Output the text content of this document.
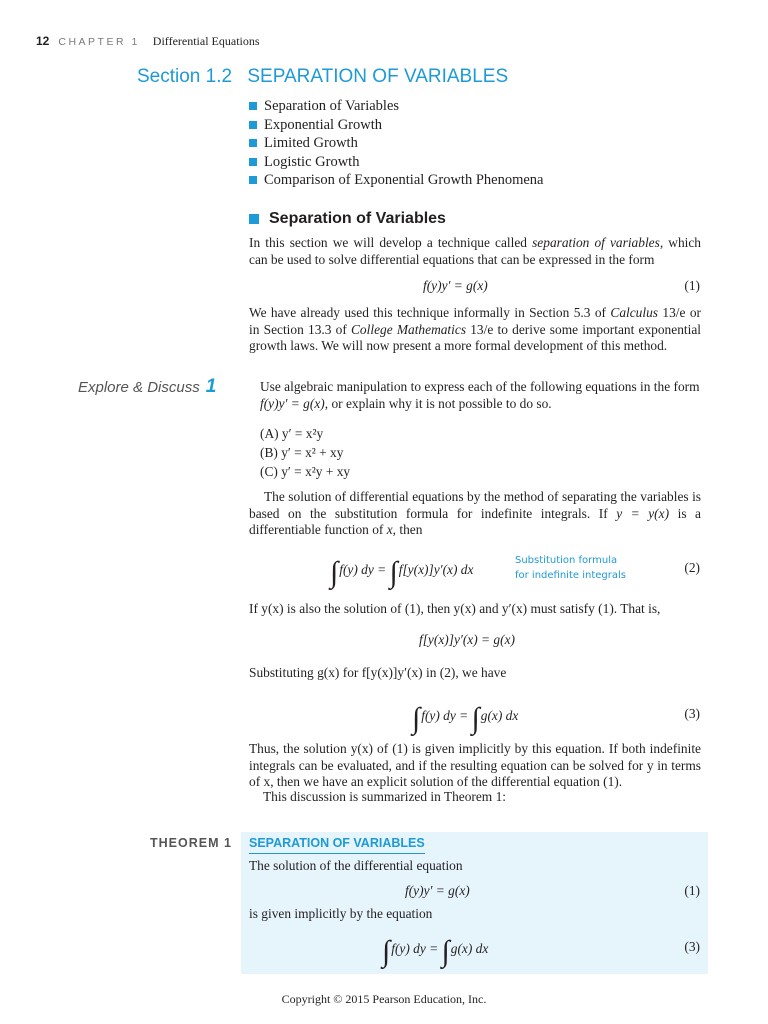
12 CHAPTER 1 Differential Equations
Section 1.2 SEPARATION OF VARIABLES
Separation of Variables
Exponential Growth
Limited Growth
Logistic Growth
Comparison of Exponential Growth Phenomena
Separation of Variables
In this section we will develop a technique called separation of variables, which can be used to solve differential equations that can be expressed in the form
f(y)y′ = g(x)	(1)
We have already used this technique informally in Section 5.3 of Calculus 13/e or in Section 13.3 of College Mathematics 13/e to derive some important exponential growth laws. We will now present a more formal development of this method.
Explore & Discuss 1	Use algebraic manipulation to express each of the following equations in the form f(y)y′ = g(x), or explain why it is not possible to do so.
(A) y′ = x²y
(B) y′ = x² + xy
(C) y′ = x²y + xy
The solution of differential equations by the method of separating the variables is based on the substitution formula for indefinite integrals. If y = y(x) is a differentiable function of x, then
∫f(y) dy = ∫f[y(x)]y′(x) dx
Substitution formula
for indefinite integrals	(2)
If y(x) is also the solution of (1), then y(x) and y′(x) must satisfy (1). That is,
f[y(x)]y′(x) = g(x)
Substituting g(x) for f[y(x)]y′(x) in (2), we have
∫f(y) dy = ∫g(x) dx	(3)
Thus, the solution y(x) of (1) is given implicitly by this equation. If both indefinite integrals can be evaluated, and if the resulting equation can be solved for y in terms of x, then we have an explicit solution of the differential equation (1).
This discussion is summarized in Theorem 1:
THEOREM 1 SEPARATION OF VARIABLES
The solution of the differential equation
f(y)y′ = g(x)	(1)
is given implicitly by the equation
∫f(y) dy = ∫g(x) dx	(3)
Copyright © 2015 Pearson Education, Inc.
